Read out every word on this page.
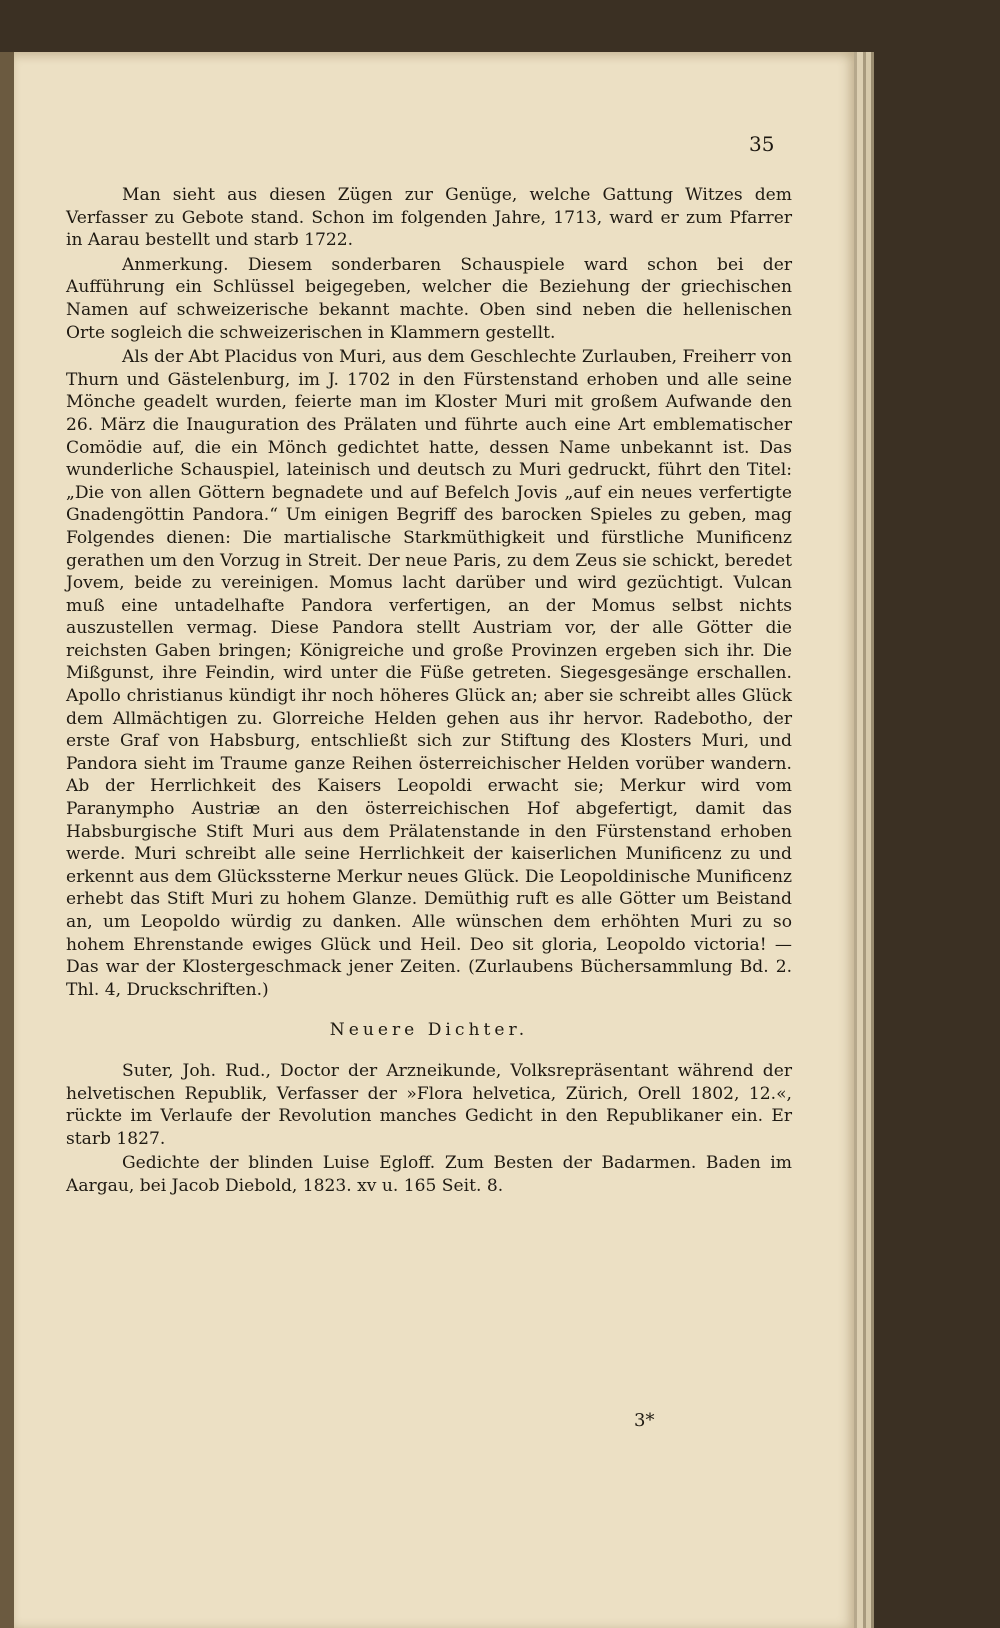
35

Man sieht aus diesen Zügen zur Genüge, welche Gattung Witzes dem Verfasser zu Gebote stand. Schon im folgenden Jahre, 1713, ward er zum Pfarrer in Aarau bestellt und starb 1722.

Anmerkung. Diesem sonderbaren Schauspiele ward schon bei der Aufführung ein Schlüssel beigegeben, welcher die Beziehung der griechischen Namen auf schweizerische bekannt machte. Oben sind neben die hellenischen Orte sogleich die schweizerischen in Klammern gestellt.

Als der Abt Placidus von Muri, aus dem Geschlechte Zurlauben, Freiherr von Thurn und Gästelenburg, im J. 1702 in den Fürstenstand erhoben und alle seine Mönche geadelt wurden, feierte man im Kloster Muri mit großem Aufwande den 26. März die Inauguration des Prälaten und führte auch eine Art emblematischer Comödie auf, die ein Mönch gedichtet hatte, dessen Name unbekannt ist. Das wunderliche Schauspiel, lateinisch und deutsch zu Muri gedruckt, führt den Titel: „Die von allen Göttern begnadete und auf Befelch Jovis „auf ein neues verfertigte Gnadengöttin Pandora.“ Um einigen Begriff des barocken Spieles zu geben, mag Folgendes dienen: Die martialische Starkmüthigkeit und fürstliche Munificenz gerathen um den Vorzug in Streit. Der neue Paris, zu dem Zeus sie schickt, beredet Jovem, beide zu vereinigen. Momus lacht darüber und wird gezüchtigt. Vulcan muß eine untadelhafte Pandora verfertigen, an der Momus selbst nichts auszustellen vermag. Diese Pandora stellt Austriam vor, der alle Götter die reichsten Gaben bringen; Königreiche und große Provinzen ergeben sich ihr. Die Mißgunst, ihre Feindin, wird unter die Füße getreten. Siegesgesänge erschallen. Apollo christianus kündigt ihr noch höheres Glück an; aber sie schreibt alles Glück dem Allmächtigen zu. Glorreiche Helden gehen aus ihr hervor. Radebotho, der erste Graf von Habsburg, entschließt sich zur Stiftung des Klosters Muri, und Pandora sieht im Traume ganze Reihen österreichischer Helden vorüber wandern. Ab der Herrlichkeit des Kaisers Leopoldi erwacht sie; Merkur wird vom Paranympho Austriæ an den österreichischen Hof abgefertigt, damit das Habsburgische Stift Muri aus dem Prälatenstande in den Fürstenstand erhoben werde. Muri schreibt alle seine Herrlichkeit der kaiserlichen Munificenz zu und erkennt aus dem Glückssterne Merkur neues Glück. Die Leopoldinische Munificenz erhebt das Stift Muri zu hohem Glanze. Demüthig ruft es alle Götter um Beistand an, um Leopoldo würdig zu danken. Alle wünschen dem erhöhten Muri zu so hohem Ehrenstande ewiges Glück und Heil. Deo sit gloria, Leopoldo victoria! — Das war der Klostergeschmack jener Zeiten. (Zurlaubens Büchersammlung Bd. 2. Thl. 4, Druckschriften.)

Neuere Dichter.

Suter, Joh. Rud., Doctor der Arzneikunde, Volksrepräsentant während der helvetischen Republik, Verfasser der »Flora helvetica, Zürich, Orell 1802, 12.«, rückte im Verlaufe der Revolution manches Gedicht in den Republikaner ein. Er starb 1827.

Gedichte der blinden Luise Egloff. Zum Besten der Badarmen. Baden im Aargau, bei Jacob Diebold, 1823. xv u. 165 Seit. 8.

3*
